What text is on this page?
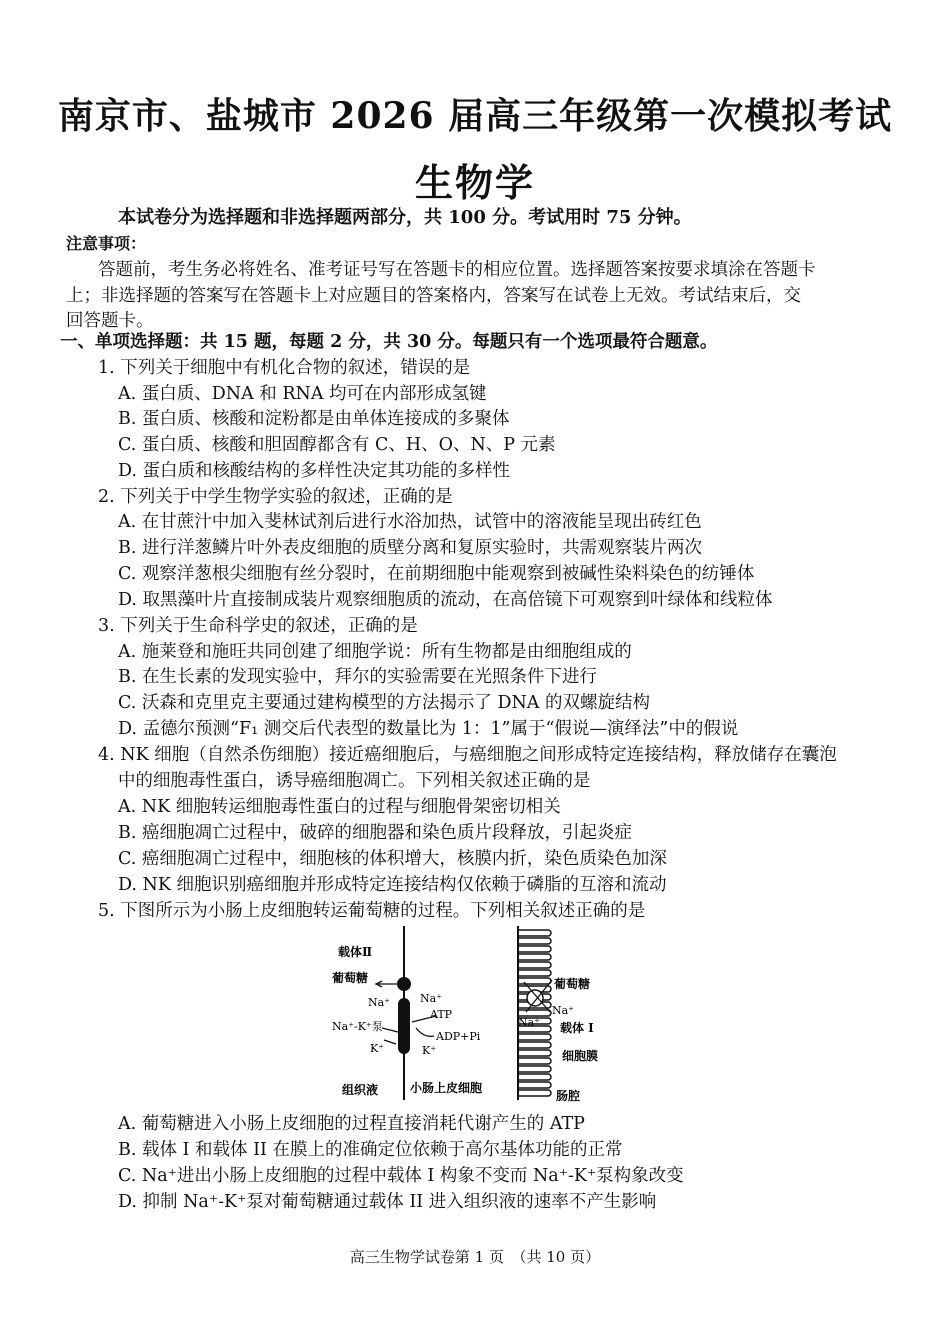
南京市、盐城市 2026 届高三年级第一次模拟考试
生物学
本试卷分为选择题和非选择题两部分，共 100 分。考试用时 75 分钟。
注意事项：
答题前，考生务必将姓名、准考证号写在答题卡的相应位置。选择题答案按要求填涂在答题卡
上；非选择题的答案写在答题卡上对应题目的答案格内，答案写在试卷上无效。考试结束后，交
回答题卡。
一、单项选择题：共 15 题，每题 2 分，共 30 分。每题只有一个选项最符合题意。
1. 下列关于细胞中有机化合物的叙述，错误的是
A. 蛋白质、DNA 和 RNA 均可在内部形成氢键
B. 蛋白质、核酸和淀粉都是由单体连接成的多聚体
C. 蛋白质、核酸和胆固醇都含有 C、H、O、N、P 元素
D. 蛋白质和核酸结构的多样性决定其功能的多样性
2. 下列关于中学生物学实验的叙述，正确的是
A. 在甘蔗汁中加入斐林试剂后进行水浴加热，试管中的溶液能呈现出砖红色
B. 进行洋葱鳞片叶外表皮细胞的质壁分离和复原实验时，共需观察装片两次
C. 观察洋葱根尖细胞有丝分裂时，在前期细胞中能观察到被碱性染料染色的纺锤体
D. 取黑藻叶片直接制成装片观察细胞质的流动，在高倍镜下可观察到叶绿体和线粒体
3. 下列关于生命科学史的叙述，正确的是
A. 施莱登和施旺共同创建了细胞学说：所有生物都是由细胞组成的
B. 在生长素的发现实验中，拜尔的实验需要在光照条件下进行
C. 沃森和克里克主要通过建构模型的方法揭示了 DNA 的双螺旋结构
D. 孟德尔预测“F₁ 测交后代表型的数量比为 1：1”属于“假说—演绎法”中的假说
4. NK 细胞（自然杀伤细胞）接近癌细胞后，与癌细胞之间形成特定连接结构，释放储存在囊泡
中的细胞毒性蛋白，诱导癌细胞凋亡。下列相关叙述正确的是
A. NK 细胞转运细胞毒性蛋白的过程与细胞骨架密切相关
B. 癌细胞凋亡过程中，破碎的细胞器和染色质片段释放，引起炎症
C. 癌细胞凋亡过程中，细胞核的体积增大，核膜内折，染色质染色加深
D. NK 细胞识别癌细胞并形成特定连接结构仅依赖于磷脂的互溶和流动
5. 下图所示为小肠上皮细胞转运葡萄糖的过程。下列相关叙述正确的是
载体Ⅱ
葡萄糖
Na⁺	Na⁺
ATP
Na⁺-K⁺泵
ADP+Pi
K⁺	K⁺
葡萄糖
Na⁺
Na⁺ 载体 I
细胞膜
组织液	小肠上皮细胞
肠腔
A. 葡萄糖进入小肠上皮细胞的过程直接消耗代谢产生的 ATP
B. 载体 I 和载体 II 在膜上的准确定位依赖于高尔基体功能的正常
C. Na⁺进出小肠上皮细胞的过程中载体 I 构象不变而 Na⁺-K⁺泵构象改变
D. 抑制 Na⁺-K⁺泵对葡萄糖通过载体 II 进入组织液的速率不产生影响
高三生物学试卷第 1 页　（共 10 页）
